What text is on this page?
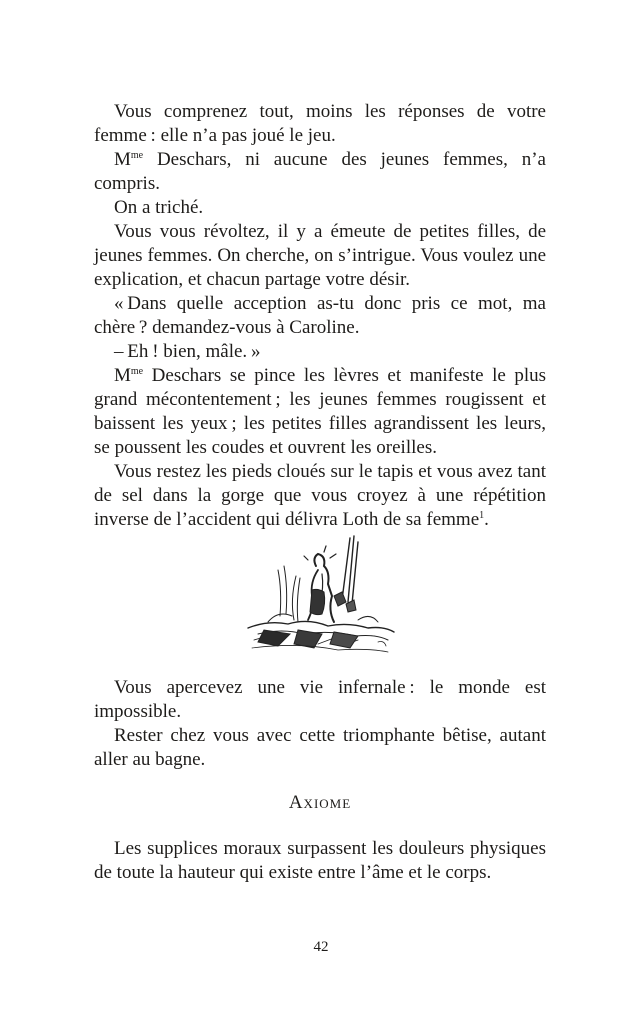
Vous comprenez tout, moins les réponses de votre femme : elle n’a pas joué le jeu.

$M^{me}$ Deschars, ni aucune des jeunes femmes, n’a compris.

On a triché.

Vous vous révoltez, il y a émeute de petites filles, de jeunes femmes. On cherche, on s’intrigue. Vous voulez une explication, et chacun partage votre désir.

« Dans quelle acception as-tu donc pris ce mot, ma chère ? demandez-vous à Caroline.

– Eh ! bien, mâle. »

$M^{me}$ Deschars se pince les lèvres et manifeste le plus grand mécontentement ; les jeunes femmes rougissent et baissent les yeux ; les petites filles agrandissent les leurs, se poussent les coudes et ouvrent les oreilles.

Vous restez les pieds cloués sur le tapis et vous avez tant de sel dans la gorge que vous croyez à une répétition inverse de l’accident qui délivra Loth de sa femme$^1$.

Vous apercevez une vie infernale : le monde est impossible.

Rester chez vous avec cette triomphante bêtise, autant aller au bagne.

Axiome

Les supplices moraux surpassent les douleurs physiques de toute la hauteur qui existe entre l’âme et le corps.

42
